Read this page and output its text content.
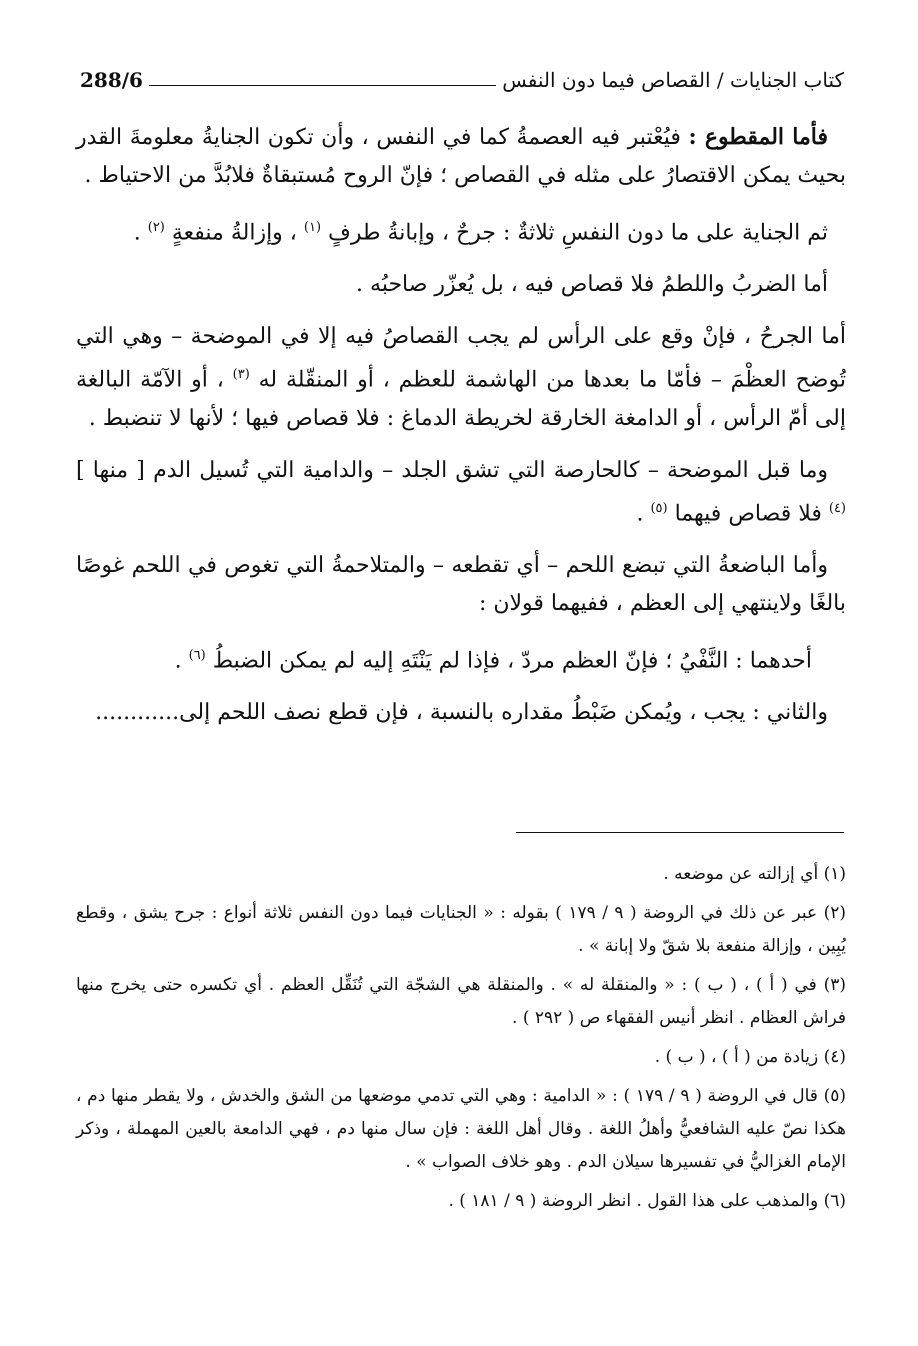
288/6	كتاب الجنايات / القصاص فيما دون النفس

فأما المقطوع : فيُعْتبر فيه العصمةُ كما في النفس ، وأن تكون الجنايةُ معلومةَ القدر بحيث يمكن الاقتصارُ على مثله في القصاص ؛ فإنّ الروح مُستبقاةٌ فلابُدَّ من الاحتياط .

ثم الجناية على ما دون النفسِ ثلاثةٌ : جرحٌ ، وإبانةُ طرفٍ $^{(١)}$ ، وإزالةُ منفعةٍ $^{(٢)}$ .

أما الضربُ واللطمُ فلا قصاص فيه ، بل يُعزّر صاحبُه .

أما الجرحُ ، فإنْ وقع على الرأس لم يجب القصاصُ فيه إلا في الموضحة – وهي التي تُوضح العظْمَ – فأمّا ما بعدها من الهاشمة للعظم ، أو المنقّلة له $^{(٣)}$ ، أو الآمّة البالغة إلى أمّ الرأس ، أو الدامغة الخارقة لخريطة الدماغ : فلا قصاص فيها ؛ لأنها لا تنضبط .

وما قبل الموضحة – كالحارصة التي تشق الجلد – والدامية التي تُسيل الدم [ منها ] $^{(٤)}$ فلا قصاص فيهما $^{(٥)}$ .

وأما الباضعةُ التي تبضع اللحم – أي تقطعه – والمتلاحمةُ التي تغوص في اللحم غوصًا بالغًا ولاينتهي إلى العظم ، ففيهما قولان :

أحدهما : النَّفْيُ ؛ فإنّ العظم مردّ ، فإذا لم يَنْتَهِ إليه لم يمكن الضبطُ $^{(٦)}$ .

والثاني : يجب ، ويُمكن ضَبْطُ مقداره بالنسبة ، فإن قطع نصف اللحم إلى............

(١) أي إزالته عن موضعه .

(٢) عبر عن ذلك في الروضة ( ٩ / ١٧٩ ) بقوله : « الجنايات فيما دون النفس ثلاثة أنواع : جرح يشق ، وقطع يُبِين ، وإزالة منفعة بلا شقّ ولا إبانة » .

(٣) في ( أ ) ، ( ب ) : « والمنقلة له » . والمنقلة هي الشجّة التي تُنَقِّل العظم . أي تكسره حتى يخرج منها فراش العظام . انظر أنيس الفقهاء ص ( ٢٩٢ ) .

(٤) زيادة من ( أ ) ، ( ب ) .

(٥) قال في الروضة ( ٩ / ١٧٩ ) : « الدامية : وهي التي تدمي موضعها من الشق والخدش ، ولا يقطر منها دم ، هكذا نصّ عليه الشافعيُّ وأهلُ اللغة . وقال أهل اللغة : فإن سال منها دم ، فهي الدامعة بالعين المهملة ، وذكر الإمام الغزاليُّ في تفسيرها سيلان الدم . وهو خلاف الصواب » .

(٦) والمذهب على هذا القول . انظر الروضة ( ٩ / ١٨١ ) .
